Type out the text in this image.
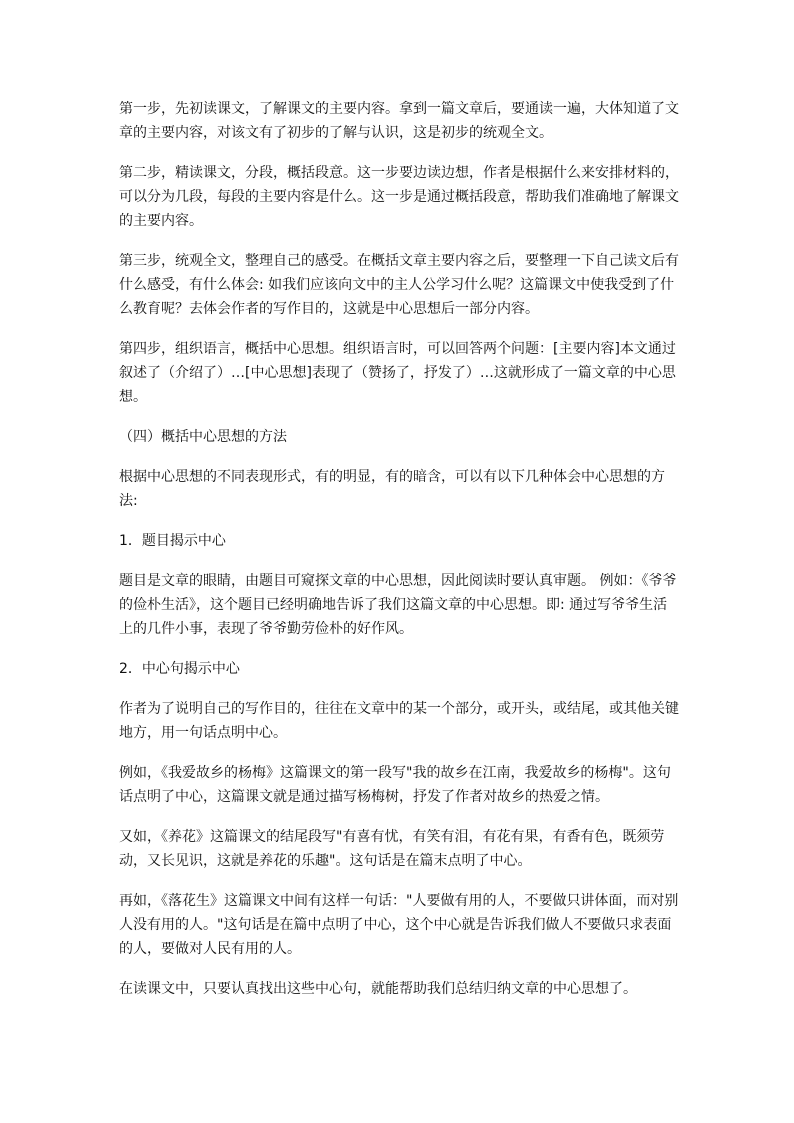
第一步，先初读课文，了解课文的主要内容。拿到一篇文章后，要通读一遍，大体知道了文章的主要内容，对该文有了初步的了解与认识，这是初步的统观全文。

第二步，精读课文，分段，概括段意。这一步要边读边想，作者是根据什么来安排材料的，可以分为几段，每段的主要内容是什么。这一步是通过概括段意，帮助我们准确地了解课文的主要内容。

第三步，统观全文，整理自己的感受。在概括文章主要内容之后，要整理一下自己读文后有什么感受，有什么体会: 如我们应该向文中的主人公学习什么呢？这篇课文中使我受到了什么教育呢？去体会作者的写作目的，这就是中心思想后一部分内容。

第四步，组织语言，概括中心思想。组织语言时，可以回答两个问题：[主要内容]本文通过叙述了（介绍了）…[中心思想]表现了（赞扬了，抒发了）…这就形成了一篇文章的中心思想。

（四）概括中心思想的方法

根据中心思想的不同表现形式，有的明显，有的暗含，可以有以下几种体会中心思想的方法:

1．题目揭示中心

题目是文章的眼睛，由题目可窥探文章的中心思想，因此阅读时要认真审题。 例如：《爷爷的俭朴生活》，这个题目已经明确地告诉了我们这篇文章的中心思想。即: 通过写爷爷生活上的几件小事，表现了爷爷勤劳俭朴的好作风。

2．中心句揭示中心

作者为了说明自己的写作目的，往往在文章中的某一个部分，或开头，或结尾，或其他关键地方，用一句话点明中心。

例如，《我爱故乡的杨梅》这篇课文的第一段写"我的故乡在江南，我爱故乡的杨梅"。这句话点明了中心，这篇课文就是通过描写杨梅树，抒发了作者对故乡的热爱之情。

又如，《养花》这篇课文的结尾段写"有喜有忧，有笑有泪，有花有果，有香有色，既须劳动，又长见识，这就是养花的乐趣"。这句话是在篇末点明了中心。

再如，《落花生》这篇课文中间有这样一句话："人要做有用的人，不要做只讲体面，而对别人没有用的人。"这句话是在篇中点明了中心，这个中心就是告诉我们做人不要做只求表面的人，要做对人民有用的人。

在读课文中，只要认真找出这些中心句，就能帮助我们总结归纳文章的中心思想了。
